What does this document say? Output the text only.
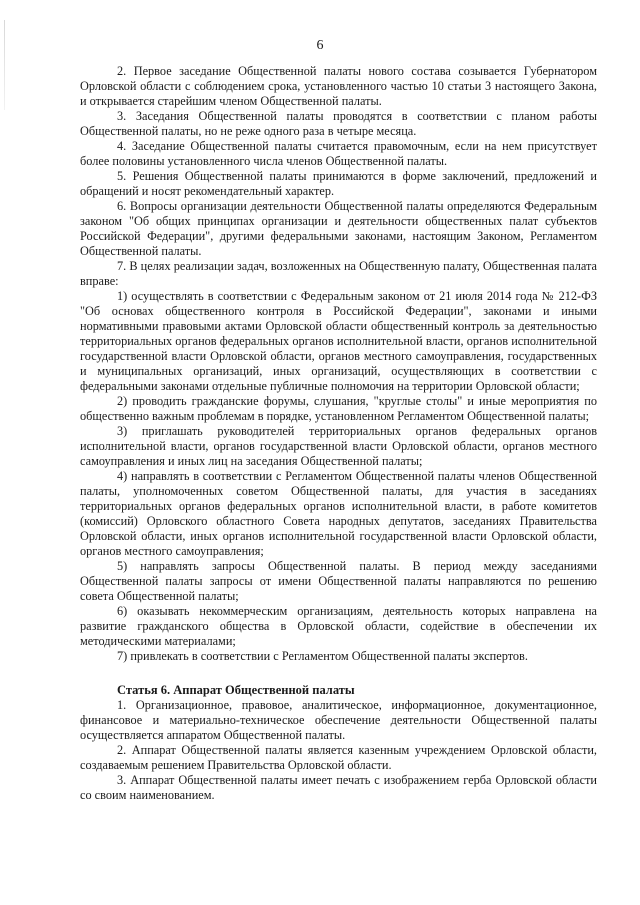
6

2. Первое заседание Общественной палаты нового состава созывается Губернатором Орловской области с соблюдением срока, установленного частью 10 статьи 3 настоящего Закона, и открывается старейшим членом Общественной палаты.

3. Заседания Общественной палаты проводятся в соответствии с планом работы Общественной палаты, но не реже одного раза в четыре месяца.

4. Заседание Общественной палаты считается правомочным, если на нем присутствует более половины установленного числа членов Общественной палаты.

5. Решения Общественной палаты принимаются в форме заключений, предложений и обращений и носят рекомендательный характер.

6. Вопросы организации деятельности Общественной палаты определяются Федеральным законом "Об общих принципах организации и деятельности общественных палат субъектов Российской Федерации", другими федеральными законами, настоящим Законом, Регламентом Общественной палаты.

7. В целях реализации задач, возложенных на Общественную палату, Общественная палата вправе:

1) осуществлять в соответствии с Федеральным законом от 21 июля 2014 года № 212-ФЗ "Об основах общественного контроля в Российской Федерации", законами и иными нормативными правовыми актами Орловской области общественный контроль за деятельностью территориальных органов федеральных органов исполнительной власти, органов исполнительной государственной власти Орловской области, органов местного самоуправления, государственных и муниципальных организаций, иных организаций, осуществляющих в соответствии с федеральными законами отдельные публичные полномочия на территории Орловской области;

2) проводить гражданские форумы, слушания, "круглые столы" и иные мероприятия по общественно важным проблемам в порядке, установленном Регламентом Общественной палаты;

3) приглашать руководителей территориальных органов федеральных органов исполнительной власти, органов государственной власти Орловской области, органов местного самоуправления и иных лиц на заседания Общественной палаты;

4) направлять в соответствии с Регламентом Общественной палаты членов Общественной палаты, уполномоченных советом Общественной палаты, для участия в заседаниях территориальных органов федеральных органов исполнительной власти, в работе комитетов (комиссий) Орловского областного Совета народных депутатов, заседаниях Правительства Орловской области, иных органов исполнительной государственной власти Орловской области, органов местного самоуправления;

5) направлять запросы Общественной палаты. В период между заседаниями Общественной палаты запросы от имени Общественной палаты направляются по решению совета Общественной палаты;

6) оказывать некоммерческим организациям, деятельность которых направлена на развитие гражданского общества в Орловской области, содействие в обеспечении их методическими материалами;

7) привлекать в соответствии с Регламентом Общественной палаты экспертов.

Статья 6. Аппарат Общественной палаты

1. Организационное, правовое, аналитическое, информационное, документационное, финансовое и материально-техническое обеспечение деятельности Общественной палаты осуществляется аппаратом Общественной палаты.

2. Аппарат Общественной палаты является казенным учреждением Орловской области, создаваемым решением Правительства Орловской области.

3. Аппарат Общественной палаты имеет печать с изображением герба Орловской области со своим наименованием.
